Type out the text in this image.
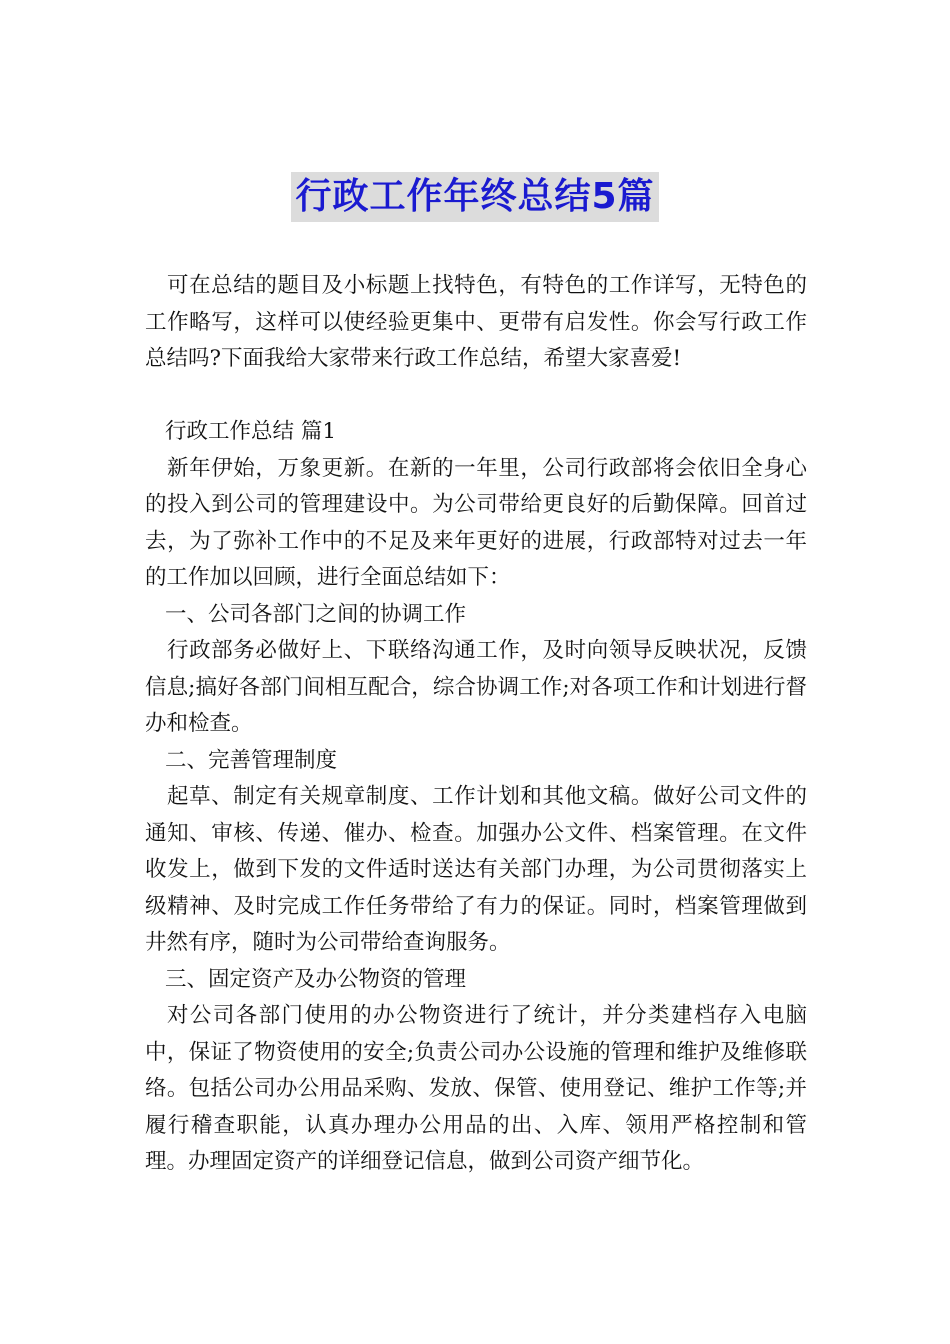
行政工作年终总结5篇

可在总结的题目及小标题上找特色，有特色的工作详写，无特色的工作略写，这样可以使经验更集中、更带有启发性。你会写行政工作总结吗?下面我给大家带来行政工作总结，希望大家喜爱!

行政工作总结 篇1

新年伊始，万象更新。在新的一年里，公司行政部将会依旧全身心的投入到公司的管理建设中。为公司带给更良好的后勤保障。回首过去，为了弥补工作中的不足及来年更好的进展，行政部特对过去一年的工作加以回顾，进行全面总结如下：

一、公司各部门之间的协调工作

行政部务必做好上、下联络沟通工作，及时向领导反映状况，反馈信息;搞好各部门间相互配合，综合协调工作;对各项工作和计划进行督办和检查。

二、完善管理制度

起草、制定有关规章制度、工作计划和其他文稿。做好公司文件的通知、审核、传递、催办、检查。加强办公文件、档案管理。在文件收发上，做到下发的文件适时送达有关部门办理，为公司贯彻落实上级精神、及时完成工作任务带给了有力的保证。同时，档案管理做到井然有序，随时为公司带给查询服务。

三、固定资产及办公物资的管理

对公司各部门使用的办公物资进行了统计，并分类建档存入电脑中，保证了物资使用的安全;负责公司办公设施的管理和维护及维修联络。包括公司办公用品采购、发放、保管、使用登记、维护工作等;并履行稽查职能，认真办理办公用品的出、入库、领用严格控制和管理。办理固定资产的详细登记信息，做到公司资产细节化。
